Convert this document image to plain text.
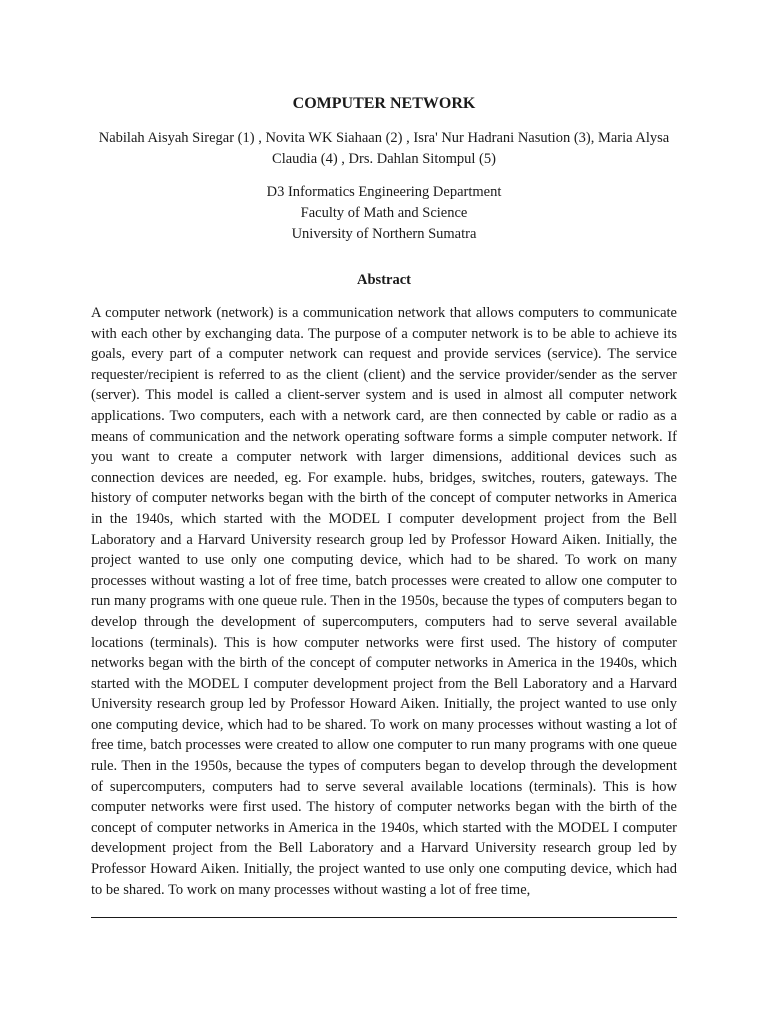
COMPUTER NETWORK

Nabilah Aisyah Siregar (1) , Novita WK Siahaan (2) , Isra' Nur Hadrani Nasution (3), Maria Alysa Claudia (4) , Drs. Dahlan Sitompul (5)

D3 Informatics Engineering Department
Faculty of Math and Science
University of Northern Sumatra
Abstract

A computer network (network) is a communication network that allows computers to communicate with each other by exchanging data. The purpose of a computer network is to be able to achieve its goals, every part of a computer network can request and provide services (service). The service requester/recipient is referred to as the client (client) and the service provider/sender as the server (server). This model is called a client-server system and is used in almost all computer network applications. Two computers, each with a network card, are then connected by cable or radio as a means of communication and the network operating software forms a simple computer network. If you want to create a computer network with larger dimensions, additional devices such as connection devices are needed, eg. For example. hubs, bridges, switches, routers, gateways. The history of computer networks began with the birth of the concept of computer networks in America in the 1940s, which started with the MODEL I computer development project from the Bell Laboratory and a Harvard University research group led by Professor Howard Aiken. Initially, the project wanted to use only one computing device, which had to be shared. To work on many processes without wasting a lot of free time, batch processes were created to allow one computer to run many programs with one queue rule. Then in the 1950s, because the types of computers began to develop through the development of supercomputers, computers had to serve several available locations (terminals). This is how computer networks were first used. The history of computer networks began with the birth of the concept of computer networks in America in the 1940s, which started with the MODEL I computer development project from the Bell Laboratory and a Harvard University research group led by Professor Howard Aiken. Initially, the project wanted to use only one computing device, which had to be shared. To work on many processes without wasting a lot of free time, batch processes were created to allow one computer to run many programs with one queue rule. Then in the 1950s, because the types of computers began to develop through the development of supercomputers, computers had to serve several available locations (terminals). This is how computer networks were first used. The history of computer networks began with the birth of the concept of computer networks in America in the 1940s, which started with the MODEL I computer development project from the Bell Laboratory and a Harvard University research group led by Professor Howard Aiken. Initially, the project wanted to use only one computing device, which had to be shared. To work on many processes without wasting a lot of free time,
